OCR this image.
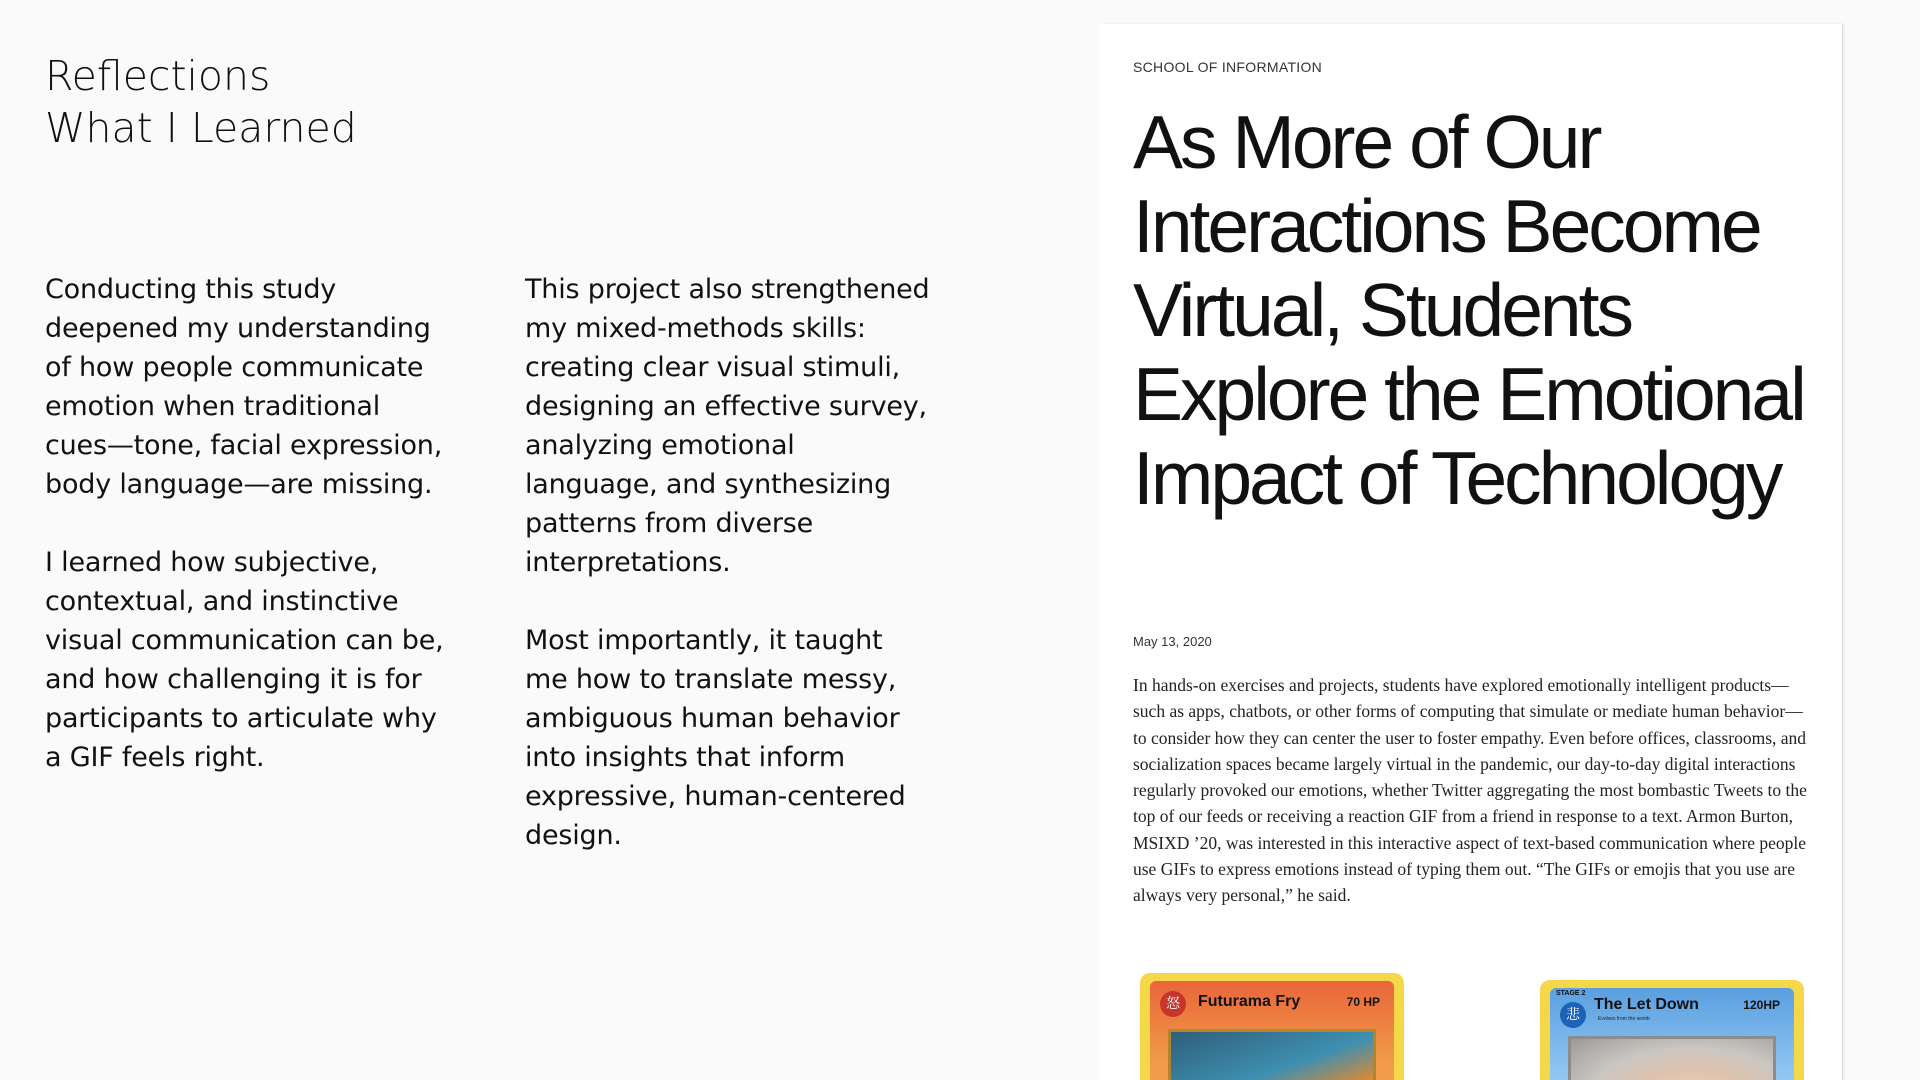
Reflections
What I Learned

Conducting this study deepened my understanding of how people communicate emotion when traditional cues—tone, facial expression, body language—are missing.

I learned how subjective, contextual, and instinctive visual communication can be, and how challenging it is for participants to articulate why a GIF feels right.

This project also strengthened my mixed-methods skills: creating clear visual stimuli, designing an effective survey, analyzing emotional language, and synthesizing patterns from diverse interpretations.

Most importantly, it taught me how to translate messy, ambiguous human behavior into insights that inform expressive, human-centered design.

SCHOOL OF INFORMATION
As More of Our Interactions Become Virtual, Students Explore the Emotional Impact of Technology
May 13, 2020
In hands-on exercises and projects, students have explored emotionally intelligent products—such as apps, chatbots, or other forms of computing that simulate or mediate human behavior—to consider how they can center the user to foster empathy. Even before offices, classrooms, and socialization spaces became largely virtual in the pandemic, our day-to-day digital interactions regularly provoked our emotions, whether Twitter aggregating the most bombastic Tweets to the top of our feeds or receiving a reaction GIF from a friend in response to a text. Armon Burton, MSIXD ’20, was interested in this interactive aspect of text-based communication where people use GIFs to express emotions instead of typing them out. “The GIFs or emojis that you use are always very personal,” he said.
怒	Futurama Fry	70 HP
STAGE 2
悲
The Let Down
Evolves from the womb
120HP
